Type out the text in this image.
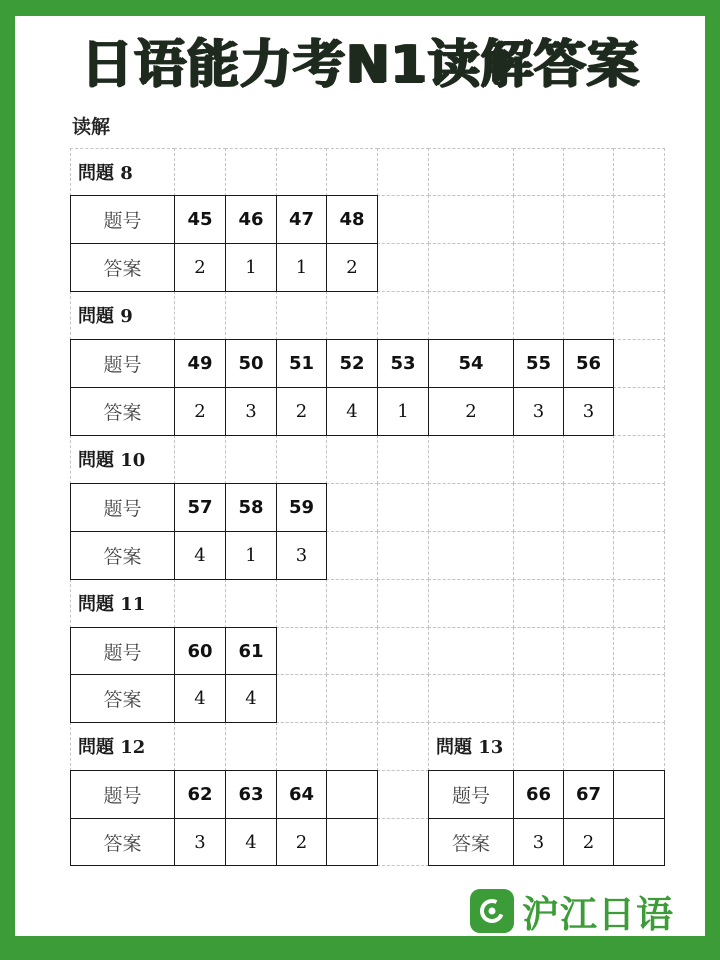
日语能力考N1读解答案
读解
問題 8
题号
答案
45
2
46
1
47
1
48
2
問題 9
题号
答案
49
2
50
3
51
2
52
4
53
1
54
2
55
3
56
3
問題 10
题号
答案
57
4
58
1
59
3
問題 11
题号
答案
60
4
61
4
問題 12
题号
答案
62
3
63
4
64
2
問題 13
题号
答案
66
3
67
2
沪江日语
